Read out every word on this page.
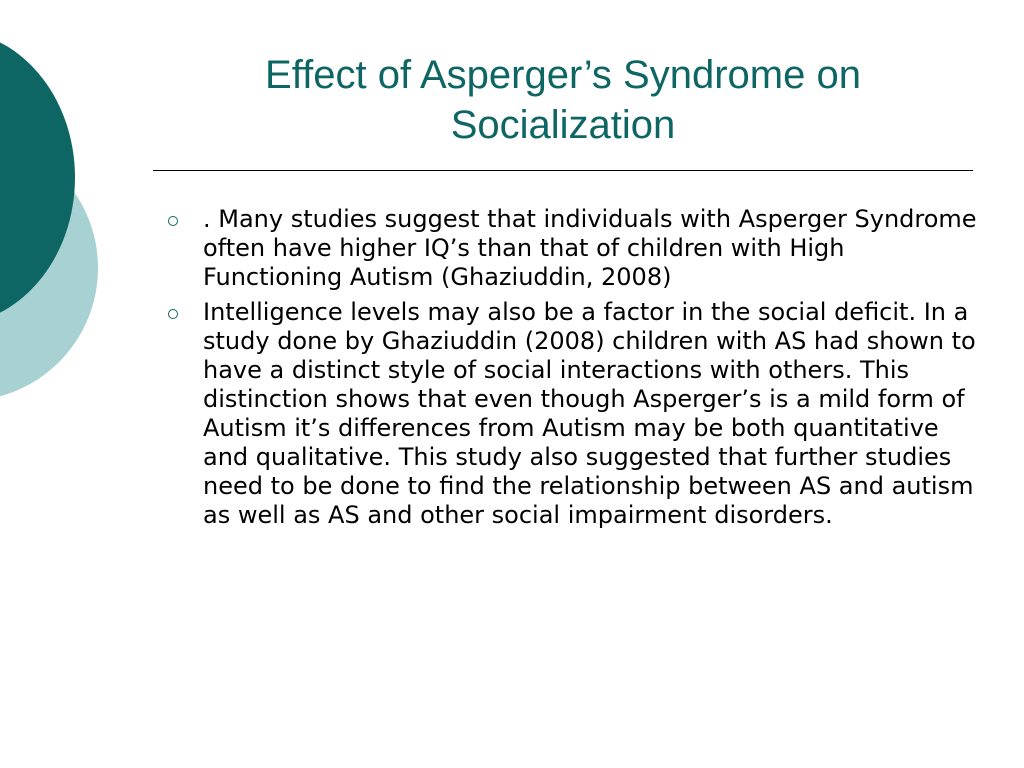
Effect of Asperger’s Syndrome on Socialization
. Many studies suggest that individuals with Asperger Syndrome often have higher IQ’s than that of children with High Functioning Autism (Ghaziuddin, 2008)
Intelligence levels may also be a factor in the social deficit. In a study done by Ghaziuddin (2008) children with AS had shown to have a distinct style of social interactions with others. This distinction shows that even though Asperger’s is a mild form of Autism it’s differences from Autism may be both quantitative and qualitative. This study also suggested that further studies need to be done to find the relationship between AS and autism as well as AS and other social impairment disorders.
